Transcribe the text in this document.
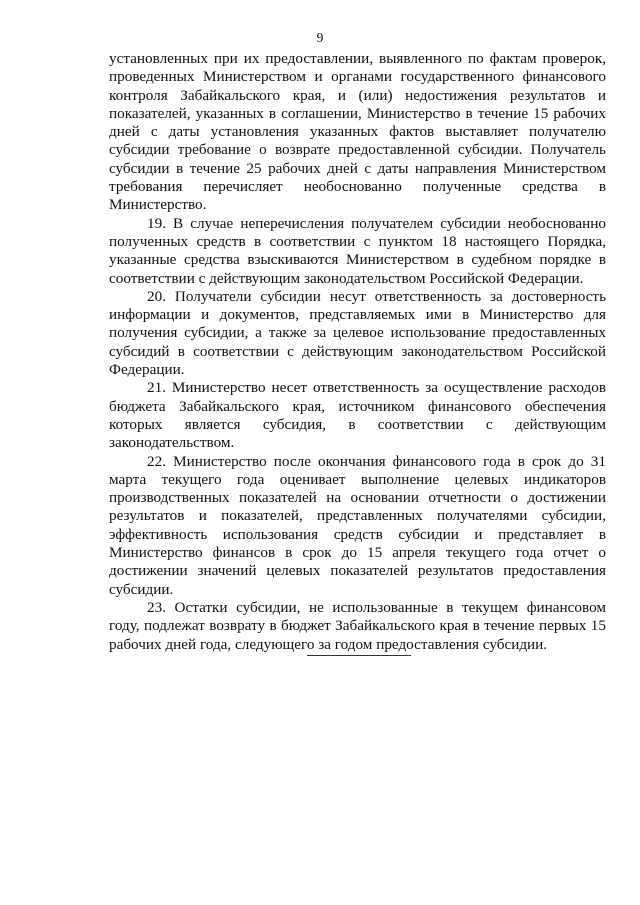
9

установленных при их предоставлении, выявленного по фактам проверок, проведенных Министерством и органами государственного финансового контроля Забайкальского края, и (или) недостижения результатов и показателей, указанных в соглашении, Министерство в течение 15 рабочих дней с даты установления указанных фактов выставляет получателю субсидии требование о возврате предоставленной субсидии. Получатель субсидии в течение 25 рабочих дней с даты направления Министерством требования перечисляет необоснованно полученные средства в Министерство.

19. В случае неперечисления получателем субсидии необоснованно полученных средств в соответствии с пунктом 18 настоящего Порядка, указанные средства взыскиваются Министерством в судебном порядке в соответствии с действующим законодательством Российской Федерации.

20. Получатели субсидии несут ответственность за достоверность информации и документов, представляемых ими в Министерство для получения субсидии, а также за целевое использование предоставленных субсидий в соответствии с действующим законодательством Российской Федерации.

21. Министерство несет ответственность за осуществление расходов бюджета Забайкальского края, источником финансового обеспечения которых является субсидия, в соответствии с действующим законодательством.

22. Министерство после окончания финансового года в срок до 31 марта текущего года оценивает выполнение целевых индикаторов производственных показателей на основании отчетности о достижении результатов и показателей, представленных получателями субсидии, эффективность использования средств субсидии и представляет в Министерство финансов в срок до 15 апреля текущего года отчет о достижении значений целевых показателей результатов предоставления субсидии.

23. Остатки субсидии, не использованные в текущем финансовом году, подлежат возврату в бюджет Забайкальского края в течение первых 15 рабочих дней года, следующего за годом предоставления субсидии.
